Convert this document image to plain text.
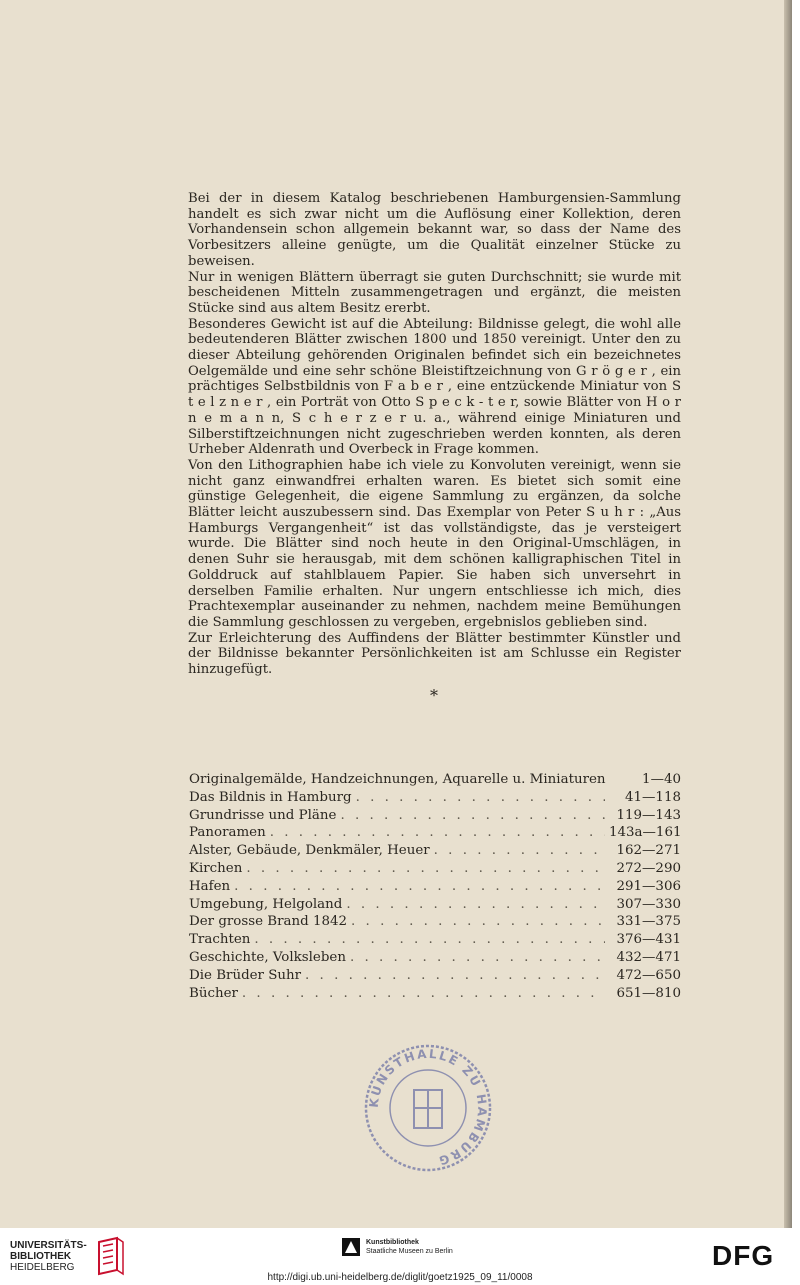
Bei der in diesem Katalog beschriebenen Hamburgensien-Sammlung handelt es sich zwar nicht um die Auflösung einer Kollektion, deren Vorhandensein schon allgemein bekannt war, so dass der Name des Vorbesitzers alleine genügte, um die Qualität einzelner Stücke zu beweisen.

Nur in wenigen Blättern überragt sie guten Durchschnitt; sie wurde mit bescheidenen Mitteln zusammengetragen und ergänzt, die meisten Stücke sind aus altem Besitz ererbt.

Besonderes Gewicht ist auf die Abteilung: Bildnisse gelegt, die wohl alle bedeutenderen Blätter zwischen 1800 und 1850 vereinigt. Unter den zu dieser Abteilung gehörenden Originalen befindet sich ein bezeichnetes Oelgemälde und eine sehr schöne Bleistiftzeichnung von G r ö g e r , ein prächtiges Selbstbildnis von F a b e r , eine entzückende Miniatur von S t e l z n e r , ein Porträt von Otto S p e c k - t e r, sowie Blätter von H o r n e m a n n, S c h e r z e r u. a., während einige Miniaturen und Silberstiftzeichnungen nicht zugeschrieben werden konnten, als deren Urheber Aldenrath und Overbeck in Frage kommen.

Von den Lithographien habe ich viele zu Konvoluten vereinigt, wenn sie nicht ganz einwandfrei erhalten waren. Es bietet sich somit eine günstige Gelegenheit, die eigene Sammlung zu ergänzen, da solche Blätter leicht auszubessern sind. Das Exemplar von Peter S u h r : „Aus Hamburgs Vergangenheit“ ist das vollständigste, das je versteigert wurde. Die Blätter sind noch heute in den Original-Umschlägen, in denen Suhr sie herausgab, mit dem schönen kalligraphischen Titel in Golddruck auf stahlblauem Papier. Sie haben sich unversehrt in derselben Familie erhalten. Nur ungern entschliesse ich mich, dies Prachtexemplar auseinander zu nehmen, nachdem meine Bemühungen die Sammlung geschlossen zu vergeben, ergebnislos geblieben sind.

Zur Erleichterung des Auffindens der Blätter bestimmter Künstler und der Bildnisse bekannter Persönlichkeiten ist am Schlusse ein Register hinzugefügt.

*
Originalgemälde, Handzeichnungen, Aquarelle u. Miniaturen	1—40
Das Bildnis in Hamburg . . .	41—118
Grundrisse und Pläne . . .	119—143
Panoramen . . .	143a—161
Alster, Gebäude, Denkmäler, Heuer . . .	162—271
Kirchen . . .	272—290
Hafen . . .	291—306
Umgebung, Helgoland . . .	307—330
Der grosse Brand 1842 . . .	331—375
Trachten . . .	376—431
Geschichte, Volksleben . . .	432—471
Die Brüder Suhr . . .	472—650
Bücher . . .	651—810
KUNSTHALLE ZU HAMBURG
UNIVERSITÄTS-
BIBLIOTHEK
HEIDELBERG
Kunstbibliothek
Staatliche Museen zu Berlin	DFG
http://digi.ub.uni-heidelberg.de/diglit/goetz1925_09_11/0008
